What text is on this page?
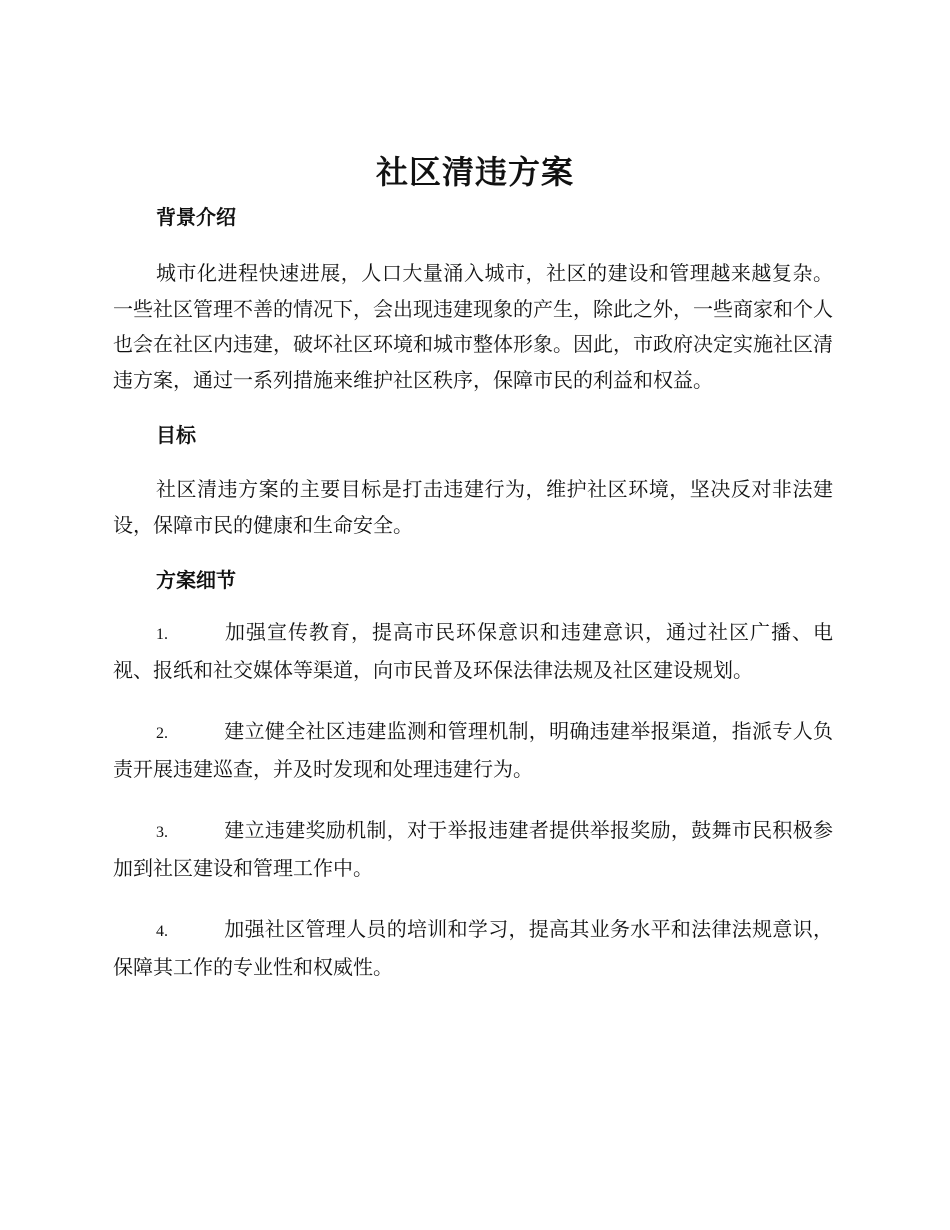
社区清违方案
背景介绍

城市化进程快速进展，人口大量涌入城市，社区的建设和管理越来越复杂。一些社区管理不善的情况下，会出现违建现象的产生，除此之外，一些商家和个人也会在社区内违建，破坏社区环境和城市整体形象。因此，市政府决定实施社区清违方案，通过一系列措施来维护社区秩序，保障市民的利益和权益。

目标

社区清违方案的主要目标是打击违建行为，维护社区环境，坚决反对非法建设，保障市民的健康和生命安全。

方案细节

1.	加强宣传教育，提高市民环保意识和违建意识，通过社区广播、电视、报纸和社交媒体等渠道，向市民普及环保法律法规及社区建设规划。

2.	建立健全社区违建监测和管理机制，明确违建举报渠道，指派专人负责开展违建巡查，并及时发现和处理违建行为。

3.	建立违建奖励机制，对于举报违建者提供举报奖励，鼓舞市民积极参加到社区建设和管理工作中。

4.	加强社区管理人员的培训和学习，提高其业务水平和法律法规意识，保障其工作的专业性和权威性。
